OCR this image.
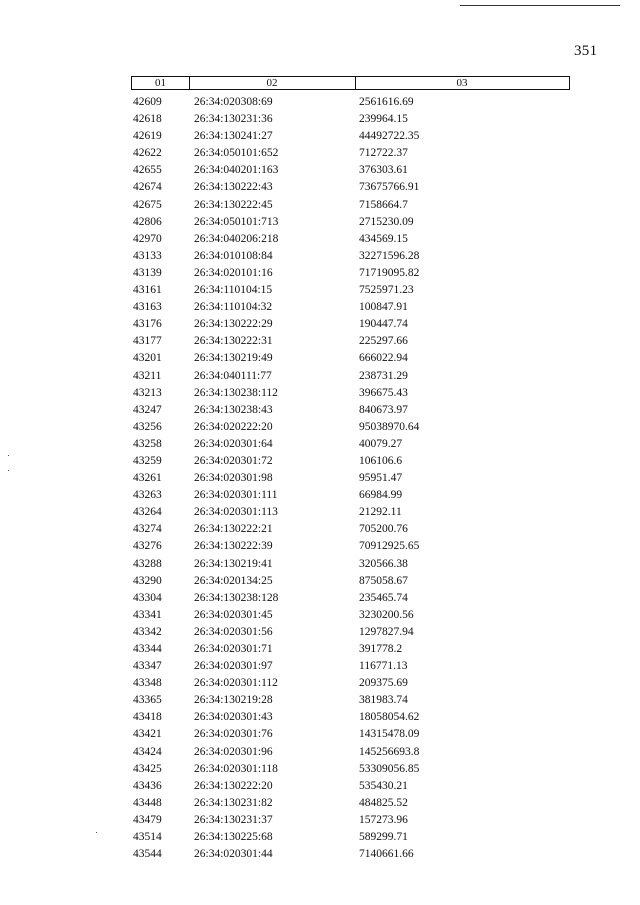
351
01	02	03
42609	26:34:020308:69	2561616.69
42618	26:34:130231:36	239964.15
42619	26:34:130241:27	44492722.35
42622	26:34:050101:652	712722.37
42655	26:34:040201:163	376303.61
42674	26:34:130222:43	73675766.91
42675	26:34:130222:45	7158664.7
42806	26:34:050101:713	2715230.09
42970	26:34:040206:218	434569.15
43133	26:34:010108:84	32271596.28
43139	26:34:020101:16	71719095.82
43161	26:34:110104:15	7525971.23
43163	26:34:110104:32	100847.91
43176	26:34:130222:29	190447.74
43177	26:34:130222:31	225297.66
43201	26:34:130219:49	666022.94
43211	26:34:040111:77	238731.29
43213	26:34:130238:112	396675.43
43247	26:34:130238:43	840673.97
43256	26:34:020222:20	95038970.64
43258	26:34:020301:64	40079.27
43259	26:34:020301:72	106106.6
43261	26:34:020301:98	95951.47
43263	26:34:020301:111	66984.99
43264	26:34:020301:113	21292.11
43274	26:34:130222:21	705200.76
43276	26:34:130222:39	70912925.65
43288	26:34:130219:41	320566.38
43290	26:34:020134:25	875058.67
43304	26:34:130238:128	235465.74
43341	26:34:020301:45	3230200.56
43342	26:34:020301:56	1297827.94
43344	26:34:020301:71	391778.2
43347	26:34:020301:97	116771.13
43348	26:34:020301:112	209375.69
43365	26:34:130219:28	381983.74
43418	26:34:020301:43	18058054.62
43421	26:34:020301:76	14315478.09
43424	26:34:020301:96	145256693.8
43425	26:34:020301:118	53309056.85
43436	26:34:130222:20	535430.21
43448	26:34:130231:82	484825.52
43479	26:34:130231:37	157273.96
43514	26:34:130225:68	589299.71
43544	26:34:020301:44	7140661.66
